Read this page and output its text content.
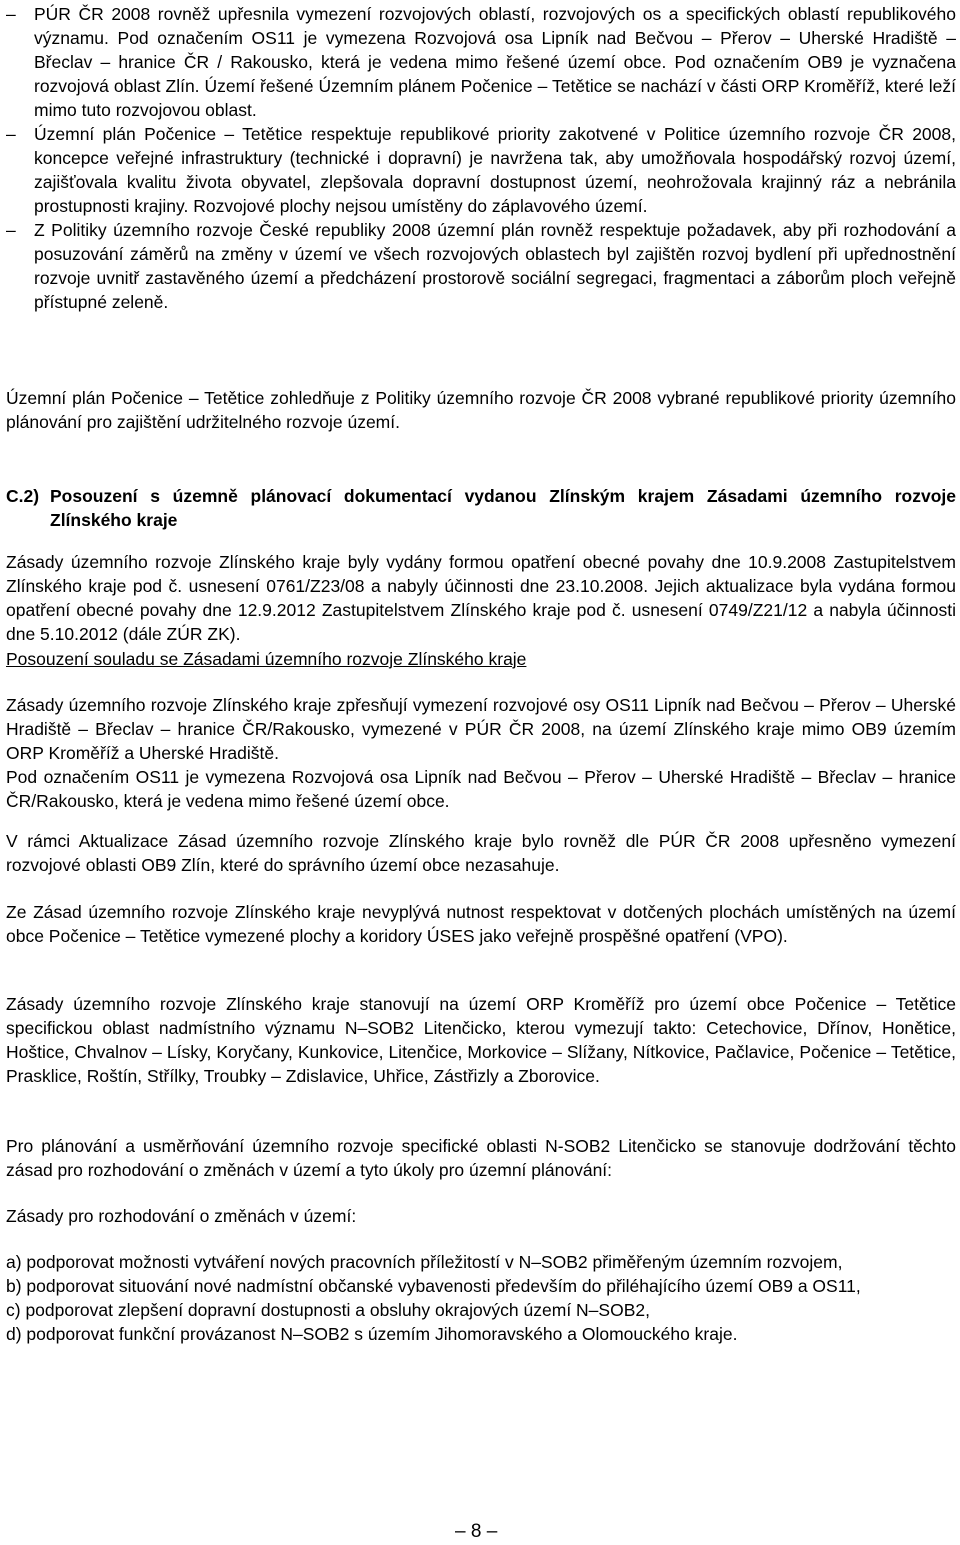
– PÚR ČR 2008 rovněž upřesnila vymezení rozvojových oblastí, rozvojových os a specifických oblastí republikového významu. Pod označením OS11 je vymezena Rozvojová osa Lipník nad Bečvou – Přerov – Uherské Hradiště – Břeclav – hranice ČR / Rakousko, která je vedena mimo řešené území obce. Pod označením OB9 je vyznačena rozvojová oblast Zlín. Území řešené Územním plánem Počenice – Tetětice se nachází v části ORP Kroměříž, které leží mimo tuto rozvojovou oblast.
– Územní plán Počenice – Tetětice respektuje republikové priority zakotvené v Politice územního rozvoje ČR 2008, koncepce veřejné infrastruktury (technické i dopravní) je navržena tak, aby umožňovala hospodářský rozvoj území, zajišťovala kvalitu života obyvatel, zlepšovala dopravní dostupnost území, neohrožovala krajinný ráz a nebránila prostupnosti krajiny. Rozvojové plochy nejsou umístěny do záplavového území.
– Z Politiky územního rozvoje České republiky 2008 územní plán rovněž respektuje požadavek, aby při rozhodování a posuzování záměrů na změny v území ve všech rozvojových oblastech byl zajištěn rozvoj bydlení při upřednostnění rozvoje uvnitř zastavěného území a předcházení prostorově sociální segregaci, fragmentaci a záborům ploch veřejně přístupné zeleně.

Územní plán Počenice – Tetětice zohledňuje z Politiky územního rozvoje ČR 2008 vybrané republikové priority územního plánování pro zajištění udržitelného rozvoje území.

C.2) Posouzení s územně plánovací dokumentací vydanou Zlínským krajem Zásadami územního rozvoje Zlínského kraje

Zásady územního rozvoje Zlínského kraje byly vydány formou opatření obecné povahy dne 10.9.2008 Zastupitelstvem Zlínského kraje pod č. usnesení 0761/Z23/08 a nabyly účinnosti dne 23.10.2008. Jejich aktualizace byla vydána formou opatření obecné povahy dne 12.9.2012 Zastupitelstvem Zlínského kraje pod č. usnesení 0749/Z21/12 a nabyla účinnosti dne 5.10.2012 (dále ZÚR ZK).

Posouzení souladu se Zásadami územního rozvoje Zlínského kraje

Zásady územního rozvoje Zlínského kraje zpřesňují vymezení rozvojové osy OS11 Lipník nad Bečvou – Přerov – Uherské Hradiště – Břeclav – hranice ČR/Rakousko, vymezené v PÚR ČR 2008, na území Zlínského kraje mimo OB9 územím ORP Kroměříž a Uherské Hradiště.

Pod označením OS11 je vymezena Rozvojová osa Lipník nad Bečvou – Přerov – Uherské Hradiště – Břeclav – hranice ČR/Rakousko, která je vedena mimo řešené území obce.

V rámci Aktualizace Zásad územního rozvoje Zlínského kraje bylo rovněž dle PÚR ČR 2008 upřesněno vymezení rozvojové oblasti OB9 Zlín, které do správního území obce nezasahuje.

Ze Zásad územního rozvoje Zlínského kraje nevyplývá nutnost respektovat v dotčených plochách umístěných na území obce Počenice – Tetětice vymezené plochy a koridory ÚSES jako veřejně prospěšné opatření (VPO).

Zásady územního rozvoje Zlínského kraje stanovují na území ORP Kroměříž pro území obce Počenice – Tetětice specifickou oblast nadmístního významu N–SOB2 Litenčicko, kterou vymezují takto: Cetechovice, Dřínov, Honětice, Hoštice, Chvalnov – Lísky, Koryčany, Kunkovice, Litenčice, Morkovice – Slížany, Nítkovice, Pačlavice, Počenice – Tetětice, Prasklice, Roštín, Střílky, Troubky – Zdislavice, Uhřice, Zástřizly a Zborovice.

Pro plánování a usměrňování územního rozvoje specifické oblasti N-SOB2 Litenčicko se stanovuje dodržování těchto zásad pro rozhodování o změnách v území a tyto úkoly pro územní plánování:

Zásady pro rozhodování o změnách v území:

a) podporovat možnosti vytváření nových pracovních příležitostí v N–SOB2 přiměřeným územním rozvojem,
b) podporovat situování nové nadmístní občanské vybavenosti především do přiléhajícího území OB9 a OS11,
c) podporovat zlepšení dopravní dostupnosti a obsluhy okrajových území N–SOB2,
d) podporovat funkční provázanost N–SOB2 s územím Jihomoravského a Olomouckého kraje.
– 8 –
